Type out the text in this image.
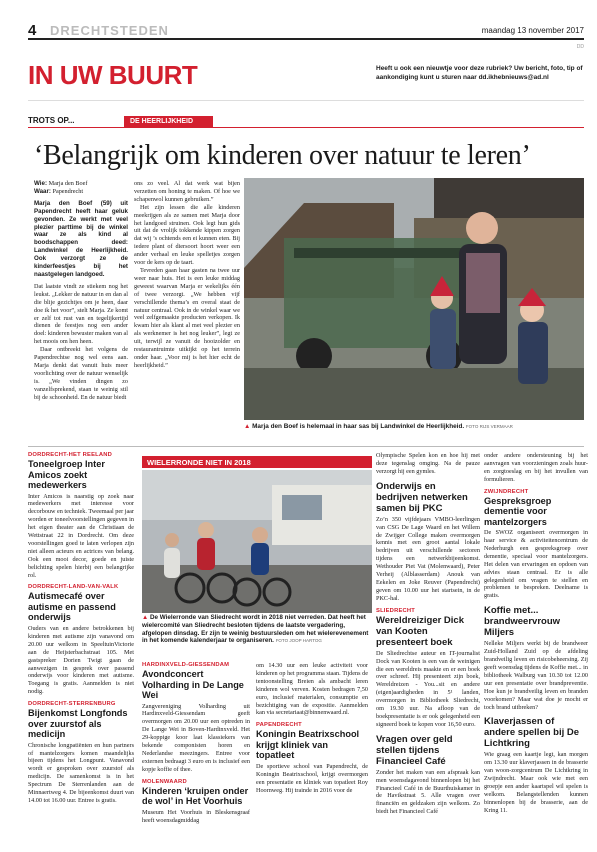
4 DRECHTSTEDEN	maandag 13 november 2017
DD
IN UW BUURT	Heeft u ook een nieuwtje voor deze rubriek? Uw bericht, foto, tip of aankondiging kunt u sturen naar dd.ikhebnieuws@ad.nl
TROTS OP...	DE HEERLIJKHEID
‘Belangrijk om kinderen over natuur te leren’

Wie: Marja den Boef

Waar: Papendrecht

Marja den Boef (59) uit Papendrecht heeft haar geluk gevonden. Ze werkt met veel plezier parttime bij de winkel waar ze als kind al boodschappen deed: Landwinkel de Heerlijkheid. Ook verzorgt ze de kinderfeestjes bij het naastgelegen landgoed.

Dat laatste vindt ze stiekem nog het leukst. „Lekker de natuur in en dan al die blije gezichtjes om je heen, daar doe ik het voor”, stelt Marja. Ze komt er zelf tot rust van en tegelijkertijd dienen de feestjes nog een ander doel: kinderen bewuster maken van al het moois om hen heen.

Daar ontbreekt het volgens de Papendrechtse nog wel eens aan. Marja denkt dat vanuit huis meer voorlichting over de natuur wenselijk is. „We vinden dingen zo vanzelfsprekend, staan te weinig stil bij de schoonheid. En de natuur biedt

ons zo veel. Al dat werk wat bijen verzetten om honing te maken. Of hoe we schapenwol kunnen gebruiken.”

Het zijn lessen die alle kinderen meekrijgen als ze samen met Marja door het landgoed struinen. Ook legt hun gids uit dat de vrolijk tokkende kippen zorgen dat wij ’s ochtends een ei kunnen eten. Bij iedere plant of diersoort hoort weer een ander verhaal en leuke spelletjes zorgen voor de kers op de taart.

Tevreden gaan haar gasten na twee uur weer naar huis. Het is een leuke middag geweest waarvan Marja er wekelijks één of twee verzorgt. „We hebben vijf verschillende thema’s en overal staat de natuur centraal. Ook in de winkel waar we veel zelfgemaakte producten verkopen. Ik kwam hier als klant al met veel plezier en als werknemer is het nog leuker”, legt ze uit, terwijl ze vanuit de hooizolder en restaurantruimte uitkijkt op het terrein onder haar. „Voor mij is het hier echt de heerlijkheid.”

▲ Marja den Boef is helemaal in haar sas bij Landwinkel de Heerlijkheid. FOTO RIJS VERMAAR
DORDRECHT-HET REELAND
Toneelgroep Inter Amicos zoekt medewerkers
Inter Amicos is naarstig op zoek naar medewerkers met interesse voor decorbouw en techniek. Tweemaal per jaar worden er toneelvoorstellingen gegeven in het eigen theater aan de Christiaan de Wettstraat 22 in Dordrecht. Om deze voorstellingen goed te laten verlopen zijn niet alleen acteurs en actrices van belang. Ook een mooi decor, goede en juiste belichting spelen hierbij een belangrijke rol.
DORDRECHT-LAND-VAN-VALK
Autismecafé over autisme en passend onderwijs
Ouders van en andere betrokkenen bij kinderen met autisme zijn vanavond om 20.00 uur welkom in SpeeltuinVictorie aan de Heijsterbachstraat 105. Met gastspreker Dorien Twigt gaan de aanwezigen in gesprek over passend onderwijs voor kinderen met autisme. Toegang is gratis. Aanmelden is niet nodig.
DORDRECHT-STERRENBURG
Bijenkomst Longfonds over zuurstof als medicijn
Chronische longpatiënten en hun partners of mantelzorgers komen maandelijks bijeen tijdens het Longpunt. Vanavond wordt er gesproken over zuurstof als medicijn. De samenkomst is in het Spectrum De Sterrenlanden aan de Minnaertweg 4. De bijeenkomst duurt van 14.00 tot 16.00 uur. Entree is gratis.
WIELERRONDE NIET IN 2018
▲ De Wielerronde van Sliedrecht wordt in 2018 niet verreden. Dat heeft het wielercomité van Sliedrecht besloten tijdens de laatste vergadering, afgelopen dinsdag. Er zijn te weinig bestuursleden om het wielerevenement in het komende kalenderjaar te organiseren. FOTO JOOP HARTOG
HARDINXVELD-GIESSENDAM
Avondconcert Volharding in De Lange Wei
Zangvereniging Volharding uit Hardinxveld-Giessendam geeft overmorgen om 20.00 uur een optreden in De Lange Wei in Boven-Hardinxveld. Het 29-koppige koor laat klassiekers van bekende componisten horen en Nederlandse meezingers. Entree voor externen bedraagt 3 euro en is inclusief een kopje koffie of thee.
MOLENWAARD
Kinderen ‘kruipen onder de wol’ in Het Voorhuis
Museum Het Voorhuis in Bleskensgraaf heeft woensdagmiddag
om 14.30 uur een leuke activiteit voor kinderen op het programma staan. Tijdens de tentoonstelling Breien als ambacht leren kinderen wol verven. Kosten bedragen 7,50 euro, inclusief materialen, consumptie en bezichtiging van de expositie. Aanmelden kan via secretariaat@binnenwaard.nl.
PAPENDRECHT
Koningin Beatrixschool krijgt kliniek van topatleet
De sportieve school van Papendrecht, de Koningin Beatrixschool, krijgt overmorgen een presentatie en kliniek van topatleet Roy Hoornweg. Hij trainde in 2016 voor de
Olympische Spelen kon en hoe hij met deze tegenslag omging. Na de pauze verzorgt hij een gymles.
Onderwijs en bedrijven netwerken samen bij PKC
Zo’n 350 vijfdejaars VMBO-leerlingen van CSG De Lage Waard en het Willem de Zwijger College maken overmorgen kennis met een groot aantal lokale bedrijven uit verschillende sectoren tijdens een netwerkbijeenkomst. Wethouder Piet Vat (Molenwaard), Peter Verheij (Alblasserdam) Anouk van Eekelen en Joke Reuver (Papendrecht) geven om 10.00 uur het startsein, in de PKC-hal.
SLIEDRECHT
Wereldreiziger Dick van Kooten presenteert boek
De Sliedrechtse auteur en IT-journalist Dock van Kooten is een van de weinigen die een wereldreis maakte en er een boek over schreef. Hij presenteert zijn boek, Wereldreizen - You...sit en andere (eigen)aardigheden in 5¹ landen, overmorgen in Bibliotheek Sliedrecht, om 19.30 uur. Na afloop van de boekpresentatie is er ook gelegenheid een signeerd boek te kopen voor 16,50 euro.
Vragen over geld stellen tijdens Financieel Café
Zonder het maken van een afspraak kan men woensdagavond binnenlopen bij het Financieel Café in de Buurthuiskamer in de Havikstraat 5. Alle vragen over financiën en geldzaken zijn welkom. Zo biedt het Financieel Café
onder andere ondersteuning bij het aanvragen van voorzieningen zoals huur- en zorgtoeslag en bij het invullen van formulieren.
ZWIJNDRECHT
Gespreksgroep dementie voor mantelzorgers
De SWOZ organiseert overmorgen in haar service & activiteitencentrum de Nederhurgh een gespreksgroep over dementie, speciaal voor mantelzorgers. Het delen van ervaringen en opdoen van advies staan centraal. Er is alle gelegenheid om vragen te stellen en problemen te bespreken. Deelname is gratis.
Koffie met... brandweervrouw Miljers
Nelleke Miljers werkt bij de brandweer Zuid-Holland Zuid op de afdeling brandveilig leven en risicobeheersing. Zij geeft woensdag tijdens de Koffie met... in bibliotheek Walburg van 10.30 tot 12.00 uur een presentatie over brandpreventie. Hoe kun je brandveilig leven en branden voorkomen? Maar wat doe je mocht er toch brand uitbreken?
Klaverjassen of andere spellen bij De Lichtkring
Wie graag een kaartje legt, kan morgen om 13.30 uur klaverjassen in de brasserie van woon-zorgcentrum De Lichtkring in Zwijndrecht. Maar ook wie met een groepje een ander kaartspel wil spelen is welkom. Belangstellenden kunnen binnenlopen bij de brasserie, aan de Kring 11.
